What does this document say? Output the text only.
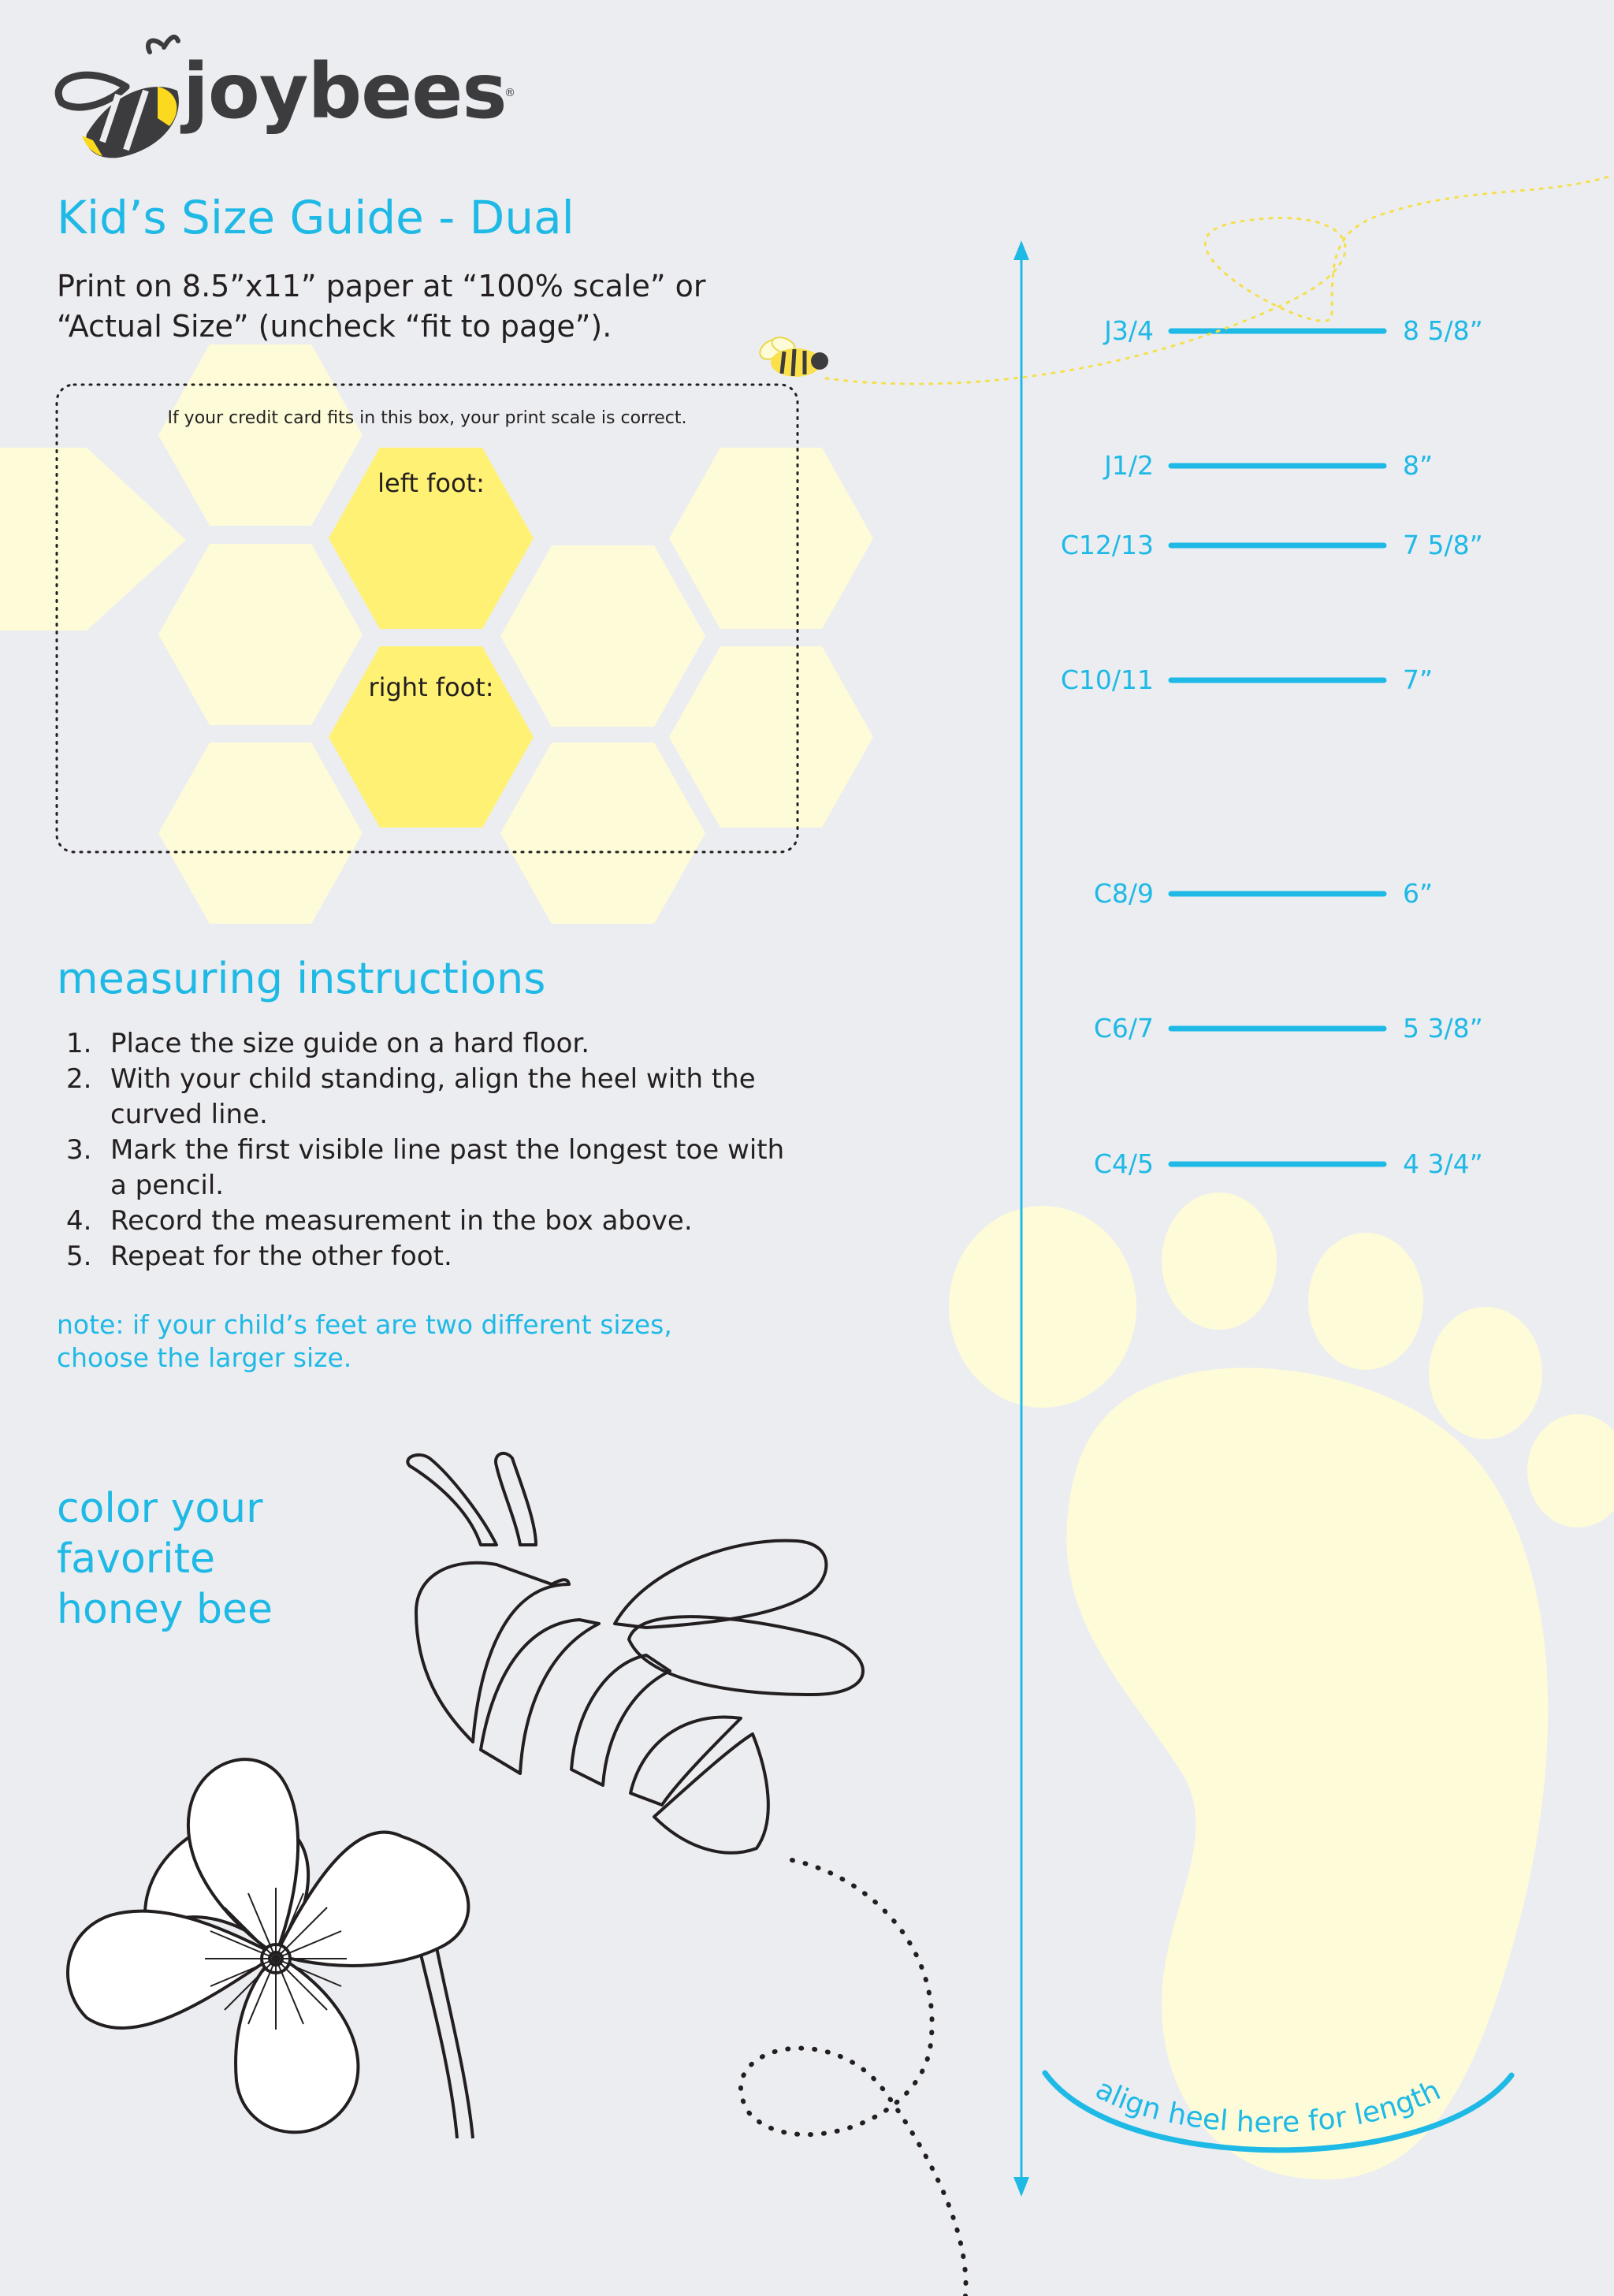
align heel here for length
joybees
®
Kid’s Size Guide - Dual
Print on 8.5”x11” paper at “100% scale” or “Actual Size” (uncheck “fit to page”).
If your credit card fits in this box, your print scale is correct.
left foot:
right foot:
measuring instructions
1. Place the size guide on a hard floor.
2. With your child standing, align the heel with the curved line.
3. Mark the first visible line past the longest toe with a pencil.
4. Record the measurement in the box above.
5. Repeat for the other foot.
note: if your child’s feet are two different sizes, choose the larger size.
color your
favorite
honey bee
J3/4	8 5/8”
J1/2	8”
C12/13	7 5/8”
C10/11	7”
C8/9	6”
C6/7	5 3/8”
C4/5	4 3/4”
